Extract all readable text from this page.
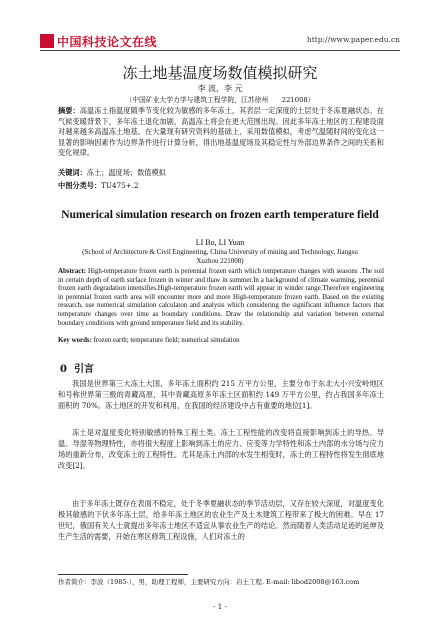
中国科技论文在线	http://www.paper.edu.cn
冻土地基温度场数值模拟研究
李 波，李 元
（中国矿业大学力学与建筑工程学院，江苏徐州　　221008）
摘要：高温冻土指温度随季节变化较为敏感的多年冻土，其表层一定深度的土层处于冬冻夏融状态。在气候变暖背景下，多年冻土退化加剧，高温冻土将会在更大范围出现。因此多年冻土地区的工程建设面对越来越多高温冻土地基。在大量现有研究资料的基础上，采用数值模拟，考虑气温随时间的变化这一显著的影响因素作为边界条件进行计算分析，得出地基温度场及其稳定性与外部边界条件之间的关系和变化规律。
关键词：冻土；温度场；数值模拟
中图分类号：TU475+.2
Numerical simulation research on frozen earth temperature field
LI Bo, LI Yuan
(School of Architecture & Civil Engineering, China University of mining and Technology, Jiangsu Xuzhou 221008)
Abstract: High-temperature frozen earth is perennial frozen earth which temperature changes with seasons .The soil in certain depth of earth surface frozen in winter and thaw in summer.In a background of climate warming, perennial frozen earth degradation intensifies.High-temperature frozen earth will appear in winder range.Therefore engineering in perennial frozen earth area will encounter more and more High-temperature frozen earth. Based on the existing research, use numerical simulation calculaton and analysis which considering the significant influence factors that temperature changes over time as boundary conditions. Draw the relationship and variation between external boundary conditions with ground temperature field and its stability.
Key words: frozen earth; temperature field; numerical simulation
0 引言
我国是世界第三大冻土大国，多年冻土面积约 215 万平方公里，主要分布于东北大小兴安岭地区和号称世界第三极的青藏高原，其中青藏高原多年冻土区面积约 149 万平方公里，约占我国多年冻土面积的 70%。冻土地区的开发和利用，在我国的经济建设中占有重要的地位[1]。
冻土是对温度变化特别敏感的特殊工程土类。冻土工程性能的改变将直接影响到冻土的导热、导温、导湿等物理特性，亦将很大程度上影响到冻土的应力、应变等力学特性和冻土内部的水分场与应力场的重新分布，改变冻土的工程特性。尤其是冻土内部的水发生相变时，冻土的工程特性将发生彻底地改变[2]。
由于多年冻土既存在表面不稳定，处于冬季夏融状态的季节活动层，又存在较大深度，对温度变化极其敏感的下伏多年冻土层，给多年冻土地区的农业生产及土木建筑工程带来了极大的困难。早在 17 世纪，俄国有关人士就提出多年冻土地区不适宜从事农业生产的结论。然而随着人类活动足迹的延伸及生产生活的需要，开始在寒区修筑工程设施，人们对冻土的
作者简介：李波（1985-），男，助理工程师，主要研究方向：岩土工程. E-mail: libod2008@163.com
- 1 -
